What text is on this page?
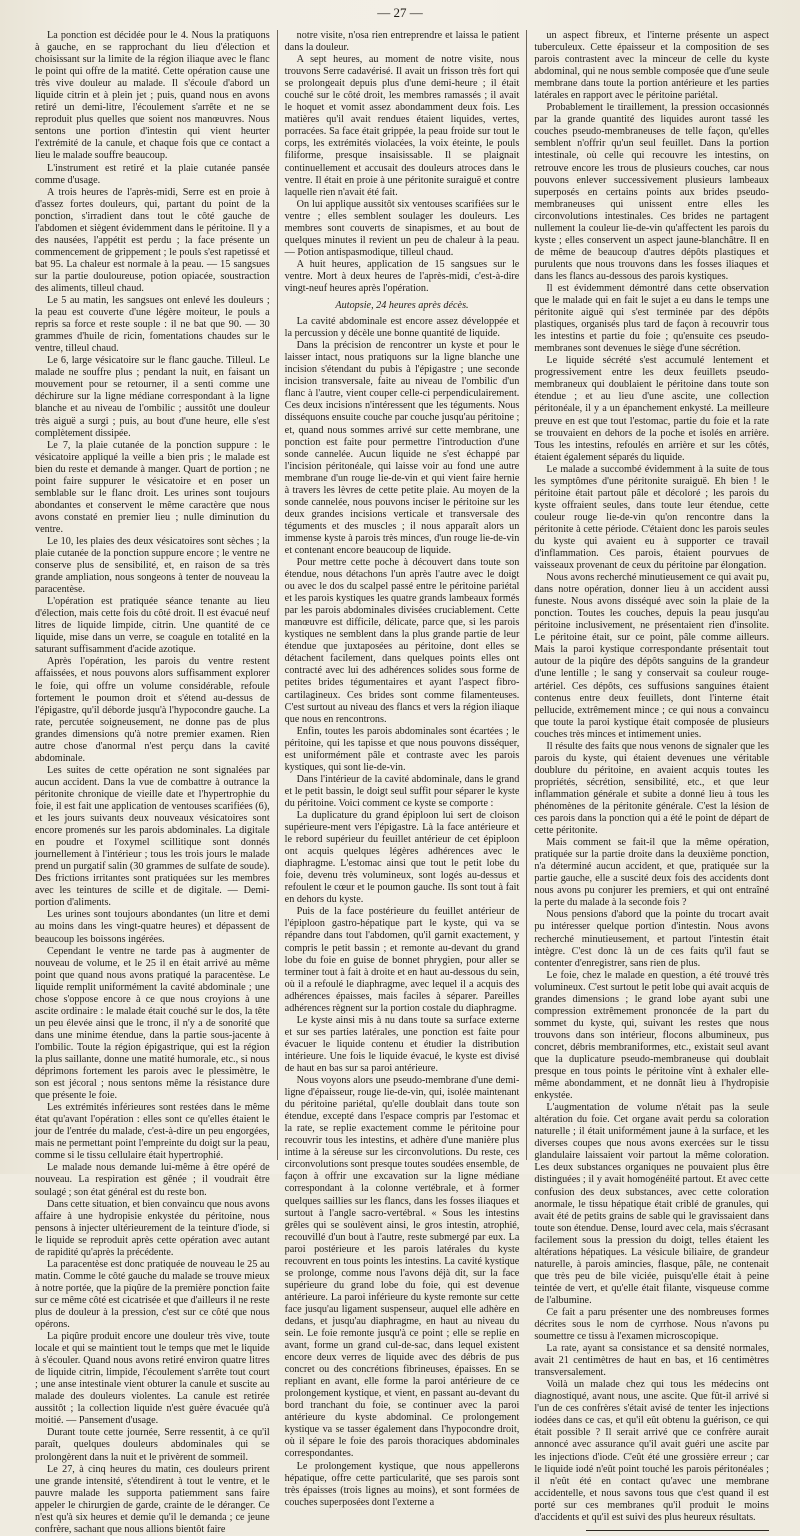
— 27 —

La ponction est décidée pour le 4. Nous la pratiquons à gauche, en se rapprochant du lieu d'élection et choisissant sur la limite de la région iliaque avec le flanc le point qui offre de la matité. Cette opération cause une très vive douleur au malade. Il s'écoule d'abord un liquide citrin et à plein jet ; puis, quand nous en avons retiré un demi-litre, l'écoulement s'arrête et ne se reproduit plus quelles que soient nos manœuvres. Nous sentons une portion d'intestin qui vient heurter l'extrémité de la canule, et chaque fois que ce contact a lieu le malade souffre beaucoup.

L'instrument est retiré et la plaie cutanée pansée comme d'usage.

A trois heures de l'après-midi, Serre est en proie à d'assez fortes douleurs, qui, partant du point de la ponction, s'irradient dans tout le côté gauche de l'abdomen et siègent évidemment dans le péritoine. Il y a des nausées, l'appétit est perdu ; la face présente un commencement de grippement ; le pouls s'est rapetissé et bat 95. La chaleur est normale à la peau. — 15 sangsues sur la partie douloureuse, potion opiacée, soustraction des aliments, tilleul chaud.

Le 5 au matin, les sangsues ont enlevé les douleurs ; la peau est couverte d'une légère moiteur, le pouls a repris sa force et reste souple : il ne bat que 90. — 30 grammes d'huile de ricin, fomentations chaudes sur le ventre, tilleul chaud.

Le 6, large vésicatoire sur le flanc gauche. Tilleul. Le malade ne souffre plus ; pendant la nuit, en faisant un mouvement pour se retourner, il a senti comme une déchirure sur la ligne médiane correspondant à la ligne blanche et au niveau de l'ombilic ; aussitôt une douleur très aiguë a surgi ; puis, au bout d'une heure, elle s'est complètement dissipée.

Le 7, la plaie cutanée de la ponction suppure : le vésicatoire appliqué la veille a bien pris ; le malade est bien du reste et demande à manger. Quart de portion ; ne point faire suppurer le vésicatoire et en poser un semblable sur le flanc droit. Les urines sont toujours abondantes et conservent le même caractère que nous avons constaté en premier lieu ; nulle diminution du ventre.

Le 10, les plaies des deux vésicatoires sont sèches ; la plaie cutanée de la ponction suppure encore ; le ventre ne conserve plus de sensibilité, et, en raison de sa très grande ampliation, nous songeons à tenter de nouveau la paracentèse.

L'opération est pratiquée séance tenante au lieu d'élection, mais cette fois du côté droit. Il est évacué neuf litres de liquide limpide, citrin. Une quantité de ce liquide, mise dans un verre, se coagule en totalité en la saturant suffisamment d'acide azotique.

Après l'opération, les parois du ventre restent affaissées, et nous pouvons alors suffisamment explorer le foie, qui offre un volume considérable, refoule fortement le poumon droit et s'étend au-dessus de l'épigastre, qu'il déborde jusqu'à l'hypocondre gauche. La rate, percutée soigneusement, ne donne pas de plus grandes dimensions qu'à notre premier examen. Rien autre chose d'anormal n'est perçu dans la cavité abdominale.

Les suites de cette opération ne sont signalées par aucun accident. Dans la vue de combattre à outrance la péritonite chronique de vieille date et l'hypertrophie du foie, il est fait une application de ventouses scarifiées (6), et les jours suivants deux nouveaux vésicatoires sont encore promenés sur les parois abdominales. La digitale en poudre et l'oxymel scillitique sont donnés journellement à l'intérieur ; tous les trois jours le malade prend un purgatif salin (30 grammes de sulfate de soude). Des frictions irritantes sont pratiquées sur les membres avec les teintures de scille et de digitale. — Demi-portion d'aliments.

Les urines sont toujours abondantes (un litre et demi au moins dans les vingt-quatre heures) et dépassent de beaucoup les boissons ingérées.

Cependant le ventre ne tarde pas à augmenter de nouveau de volume, et le 25 il en était arrivé au même point que quand nous avons pratiqué la paracentèse. Le liquide remplit uniformément la cavité abdominale ; une chose s'oppose encore à ce que nous croyions à une ascite ordinaire : le malade était couché sur le dos, la tête un peu élevée ainsi que le tronc, il n'y a de sonorité que dans une minime étendue, dans la partie sous-jacente à l'ombilic. Toute la région épigastrique, qui est la région la plus saillante, donne une matité humorale, etc., si nous déprimons fortement les parois avec le plessimètre, le son est jécoral ; nous sentons même la résistance dure que présente le foie.

Les extrémités inférieures sont restées dans le même état qu'avant l'opération : elles sont ce qu'elles étaient le jour de l'entrée du malade, c'est-à-dire un peu engorgées, mais ne permettant point l'empreinte du doigt sur la peau, comme si le tissu cellulaire était hypertrophié.

Le malade nous demande lui-même à être opéré de nouveau. La respiration est gênée ; il voudrait être soulagé ; son état général est du reste bon.

Dans cette situation, et bien convaincu que nous avons affaire à une hydropisie enkystée du péritoine, nous pensons à injecter ultérieurement de la teinture d'iode, si le liquide se reproduit après cette opération avec autant de rapidité qu'après la précédente.

La paracentèse est donc pratiquée de nouveau le 25 au matin. Comme le côté gauche du malade se trouve mieux à notre portée, que la piqûre de la première ponction faite sur ce même côté est cicatrisée et que d'ailleurs il ne reste plus de douleur à la pression, c'est sur ce côté que nous opérons.

La piqûre produit encore une douleur très vive, toute locale et qui se maintient tout le temps que met le liquide à s'écouler. Quand nous avons retiré environ quatre litres de liquide citrin, limpide, l'écoulement s'arrête tout court ; une anse intestinale vient obturer la canule et suscite au malade des douleurs violentes. La canule est retirée aussitôt ; la collection liquide n'est guère évacuée qu'à moitié. — Pansement d'usage.

Durant toute cette journée, Serre ressentit, à ce qu'il paraît, quelques douleurs abdominales qui se prolongèrent dans la nuit et le privèrent de sommeil.

Le 27, à cinq heures du matin, ces douleurs prirent une grande intensité, s'étendirent à tout le ventre, et le pauvre malade les supporta patiemment sans faire appeler le chirurgien de garde, crainte de le déranger. Ce n'est qu'à six heures et demie qu'il le demanda ; ce jeune confrère, sachant que nous allions bientôt faire

notre visite, n'osa rien entreprendre et laissa le patient dans la douleur.

A sept heures, au moment de notre visite, nous trouvons Serre cadavérisé. Il avait un frisson très fort qui se prolongeait depuis plus d'une demi-heure ; il était couché sur le côté droit, les membres ramassés ; il avait le hoquet et vomit assez abondamment deux fois. Les matières qu'il avait rendues étaient liquides, vertes, porracées. Sa face était grippée, la peau froide sur tout le corps, les extrémités violacées, la voix éteinte, le pouls filiforme, presque insaisissable. Il se plaignait continuellement et accusait des douleurs atroces dans le ventre. Il était en proie à une péritonite suraiguë et contre laquelle rien n'avait été fait.

On lui applique aussitôt six ventouses scarifiées sur le ventre ; elles semblent soulager les douleurs. Les membres sont couverts de sinapismes, et au bout de quelques minutes il revient un peu de chaleur à la peau. — Potion antispasmodique, tilleul chaud.

A huit heures, application de 15 sangsues sur le ventre. Mort à deux heures de l'après-midi, c'est-à-dire vingt-neuf heures après l'opération.

Autopsie, 24 heures après décès.

La cavité abdominale est encore assez développée et la percussion y décèle une bonne quantité de liquide.

Dans la précision de rencontrer un kyste et pour le laisser intact, nous pratiquons sur la ligne blanche une incision s'étendant du pubis à l'épigastre ; une seconde incision transversale, faite au niveau de l'ombilic d'un flanc à l'autre, vient couper celle-ci perpendiculairement. Ces deux incisions n'intéressent que les téguments. Nous disséquons ensuite couche par couche jusqu'au péritoine ; et, quand nous sommes arrivé sur cette membrane, une ponction est faite pour permettre l'introduction d'une sonde cannelée. Aucun liquide ne s'est échappé par l'incision péritonéale, qui laisse voir au fond une autre membrane d'un rouge lie-de-vin et qui vient faire hernie à travers les lèvres de cette petite plaie. Au moyen de la sonde cannelée, nous pouvons inciser le péritoine sur les deux grandes incisions verticale et transversale des téguments et des muscles ; il nous apparaît alors un immense kyste à parois très minces, d'un rouge lie-de-vin et contenant encore beaucoup de liquide.

Pour mettre cette poche à découvert dans toute son étendue, nous détachons l'un après l'autre avec le doigt ou avec le dos du scalpel passé entre le péritoine pariétal et les parois kystiques les quatre grands lambeaux formés par les parois abdominales divisées cruciablement. Cette manœuvre est difficile, délicate, parce que, si les parois kystiques ne semblent dans la plus grande partie de leur étendue que juxtaposées au péritoine, dont elles se détachent facilement, dans quelques points elles ont contracté avec lui des adhérences solides sous forme de petites brides tégumentaires et ayant l'aspect fibro-cartilagineux. Ces brides sont comme filamenteuses. C'est surtout au niveau des flancs et vers la région iliaque que nous en rencontrons.

Enfin, toutes les parois abdominales sont écartées ; le péritoine, qui les tapisse et que nous pouvons disséquer, est uniformément pâle et contraste avec les parois kystiques, qui sont lie-de-vin.

Dans l'intérieur de la cavité abdominale, dans le grand et le petit bassin, le doigt seul suffit pour séparer le kyste du péritoine. Voici comment ce kyste se comporte :

La duplicature du grand épiploon lui sert de cloison supérieure-ment vers l'épigastre. Là la face antérieure et le rebord supérieur du feuillet antérieur de cet épiploon ont acquis quelques légères adhérences avec le diaphragme. L'estomac ainsi que tout le petit lobe du foie, devenu très volumineux, sont logés au-dessus et refoulent le cœur et le poumon gauche. Ils sont tout à fait en dehors du kyste.

Puis de la face postérieure du feuillet antérieur de l'épiploon gastro-hépatique part le kyste, qui va se répandre dans tout l'abdomen, qu'il garnit exactement, y compris le petit bassin ; et remonte au-devant du grand lobe du foie en guise de bonnet phrygien, pour aller se terminer tout à fait à droite et en haut au-dessous du sein, où il a refoulé le diaphragme, avec lequel il a acquis des adhérences épaisses, mais faciles à séparer. Pareilles adhérences règnent sur la portion costale du diaphragme.

Le kyste ainsi mis à nu dans toute sa surface externe et sur ses parties latérales, une ponction est faite pour évacuer le liquide contenu et étudier la distribution intérieure. Une fois le liquide évacué, le kyste est divisé de haut en bas sur sa paroi antérieure.

Nous voyons alors une pseudo-membrane d'une demi-ligne d'épaisseur, rouge lie-de-vin, qui, isolée maintenant du péritoine pariétal, qu'elle doublait dans toute son étendue, excepté dans l'espace compris par l'estomac et la rate, se replie exactement comme le péritoine pour recouvrir tous les intestins, et adhère d'une manière plus intime à la séreuse sur les circonvolutions. Du reste, ces circonvolutions sont presque toutes soudées ensemble, de façon à offrir une excavation sur la ligne médiane correspondant à la colonne vertébrale, et à former quelques saillies sur les flancs, dans les fosses iliaques et surtout à l'angle sacro-vertébral. « Sous les intestins grêles qui se soulèvent ainsi, le gros intestin, atrophié, recouvillé d'un bout à l'autre, reste submergé par eux. La paroi postérieure et les parois latérales du kyste recouvrent en tous points les intestins. La cavité kystique se prolonge, comme nous l'avons déjà dit, sur la face supérieure du grand lobe du foie, qui est devenue antérieure. La paroi inférieure du kyste remonte sur cette face jusqu'au ligament suspenseur, auquel elle adhère en dedans, et jusqu'au diaphragme, en haut au niveau du sein. Le foie remonte jusqu'à ce point ; elle se replie en avant, forme un grand cul-de-sac, dans lequel existent encore deux verres de liquide avec des débris de pus concret ou des concrétions fibrineuses, épaisses. En se repliant en avant, elle forme la paroi antérieure de ce prolongement kystique, et vient, en passant au-devant du bord tranchant du foie, se continuer avec la paroi antérieure du kyste abdominal. Ce prolongement kystique va se tasser également dans l'hypocondre droit, où il sépare le foie des parois thoraciques abdominales correspondantes.

Le prolongement kystique, que nous appellerons hépatique, offre cette particularité, que ses parois sont très épaisses (trois lignes au moins), et sont formées de couches superposées dont l'externe a

un aspect fibreux, et l'interne présente un aspect tuberculeux. Cette épaisseur et la composition de ses parois contrastent avec la minceur de celle du kyste abdominal, qui ne nous semble composée que d'une seule membrane dans toute la portion antérieure et les parties latérales en rapport avec le péritoine pariétal.

Probablement le tiraillement, la pression occasionnés par la grande quantité des liquides auront tassé les couches pseudo-membraneuses de telle façon, qu'elles semblent n'offrir qu'un seul feuillet. Dans la portion intestinale, où celle qui recouvre les intestins, on retrouve encore les trous de plusieurs couches, car nous pouvons enlever successivement plusieurs lambeaux superposés en certains points aux brides pseudo-membraneuses qui unissent entre elles les circonvolutions intestinales. Ces brides ne partagent nullement la couleur lie-de-vin qu'affectent les parois du kyste ; elles conservent un aspect jaune-blanchâtre. Il en de même de beaucoup d'autres dépôts plastiques et purulents que nous trouvons dans les fosses iliaques et dans les flancs au-dessous des parois kystiques.

Il est évidemment démontré dans cette observation que le malade qui en fait le sujet a eu dans le temps une péritonite aiguë qui s'est terminée par des dépôts plastiques, organisés plus tard de façon à recouvrir tous les intestins et partie du foie ; qu'ensuite ces pseudo-membranes sont devenues le siège d'une sécrétion.

Le liquide sécrété s'est accumulé lentement et progressivement entre les deux feuillets pseudo-membraneux qui doublaient le péritoine dans toute son étendue ; et au lieu d'une ascite, une collection péritonéale, il y a un épanchement enkysté. La meilleure preuve en est que tout l'estomac, partie du foie et la rate se trouvaient en dehors de la poche et isolés en arrière. Tous les intestins, refoulés en arrière et sur les côtés, étaient également séparés du liquide.

Le malade a succombé évidemment à la suite de tous les symptômes d'une péritonite suraiguë. Eh bien ! le péritoine était partout pâle et décoloré ; les parois du kyste offraient seules, dans toute leur étendue, cette couleur rouge lie-de-vin qu'on rencontre dans la péritonite à cette période. C'étaient donc les parois seules du kyste qui avaient eu à supporter ce travail d'inflammation. Ces parois, étaient pourvues de vaisseaux provenant de ceux du péritoine par élongation.

Nous avons recherché minutieusement ce qui avait pu, dans notre opération, donner lieu à un accident aussi funeste. Nous avons disséqué avec soin la plaie de la ponction. Toutes les couches, depuis la peau jusqu'au péritoine inclusivement, ne présentaient rien d'insolite. Le péritoine était, sur ce point, pâle comme ailleurs. Mais la paroi kystique correspondante présentait tout autour de la piqûre des dépôts sanguins de la grandeur d'une lentille ; le sang y conservait sa couleur rouge-artériel. Ces dépôts, ces suffusions sanguines étaient contenus entre deux feuillets, dont l'interne était pellucide, extrêmement mince ; ce qui nous a convaincu que toute la paroi kystique était composée de plusieurs couches très minces et intimement unies.

Il résulte des faits que nous venons de signaler que les parois du kyste, qui étaient devenues une véritable doublure du péritoine, en avaient acquis toutes les propriétés, sécrétion, sensibilité, etc., et que leur inflammation générale et subite a donné lieu à tous les phénomènes de la péritonite générale. C'est la lésion de ces parois dans la ponction qui a été le point de départ de cette péritonite.

Mais comment se fait-il que la même opération, pratiquée sur la partie droite dans la deuxième ponction, n'a déterminé aucun accident, et que, pratiquée sur la partie gauche, elle a suscité deux fois des accidents dont nous avons pu conjurer les premiers, et qui ont entraîné la perte du malade à la seconde fois ?

Nous pensions d'abord que la pointe du trocart avait pu intéresser quelque portion d'intestin. Nous avons recherché minutieusement, et partout l'intestin était intègre. C'est donc là un de ces faits qu'il faut se contenter d'enregistrer, sans rien de plus.

Le foie, chez le malade en question, a été trouvé très volumineux. C'est surtout le petit lobe qui avait acquis de grandes dimensions ; le grand lobe ayant subi une compression extrêmement prononcée de la part du sommet du kyste, qui, suivant les restes que nous trouvons dans son intérieur, flocons albumineux, pus concret, débris membraniformes, etc., existait seul avant que la duplicature pseudo-membraneuse qui doublait presque en tous points le péritoine vînt à exhaler elle-même abondamment, et ne donnât lieu à l'hydropisie enkystée.

L'augmentation de volume n'était pas la seule altération du foie. Cet organe avait perdu sa coloration naturelle ; il était uniformément jaune à la surface, et les diverses coupes que nous avons exercées sur le tissu glandulaire laissaient voir partout la même coloration. Les deux substances organiques ne pouvaient plus être distinguées ; il y avait homogénéité partout. Et avec cette confusion des deux substances, avec cette coloration anormale, le tissu hépatique était criblé de granules, qui avait été de petits grains de sable qui le gravissaient dans toute son étendue. Dense, lourd avec cela, mais s'écrasant facilement sous la pression du doigt, telles étaient les altérations hépatiques. La vésicule biliaire, de grandeur naturelle, à parois amincies, flasque, pâle, ne contenait que très peu de bile viciée, puisqu'elle était à peine teintée de vert, et qu'elle était filante, visqueuse comme de l'albumine.

Ce fait a paru présenter une des nombreuses formes décrites sous le nom de cyrrhose. Nous n'avons pu soumettre ce tissu à l'examen microscopique.

La rate, ayant sa consistance et sa densité normales, avait 21 centimètres de haut en bas, et 16 centimètres transversalement.

Voilà un malade chez qui tous les médecins ont diagnostiqué, avant nous, une ascite. Que fût-il arrivé si l'un de ces confrères s'était avisé de tenter les injections iodées dans ce cas, et qu'il eût obtenu la guérison, ce qui était possible ? Il serait arrivé que ce confrère aurait annoncé avec assurance qu'il avait guéri une ascite par les injections d'iode. C'eût été une grossière erreur ; car le liquide iodé n'eût point touché les parois péritonéales ; il n'eût été en contact qu'avec une membrane accidentelle, et nous savons tous que c'est quand il est porté sur ces membranes qu'il produit le moins d'accidents et qu'il est suivi des plus heureux résultats.
